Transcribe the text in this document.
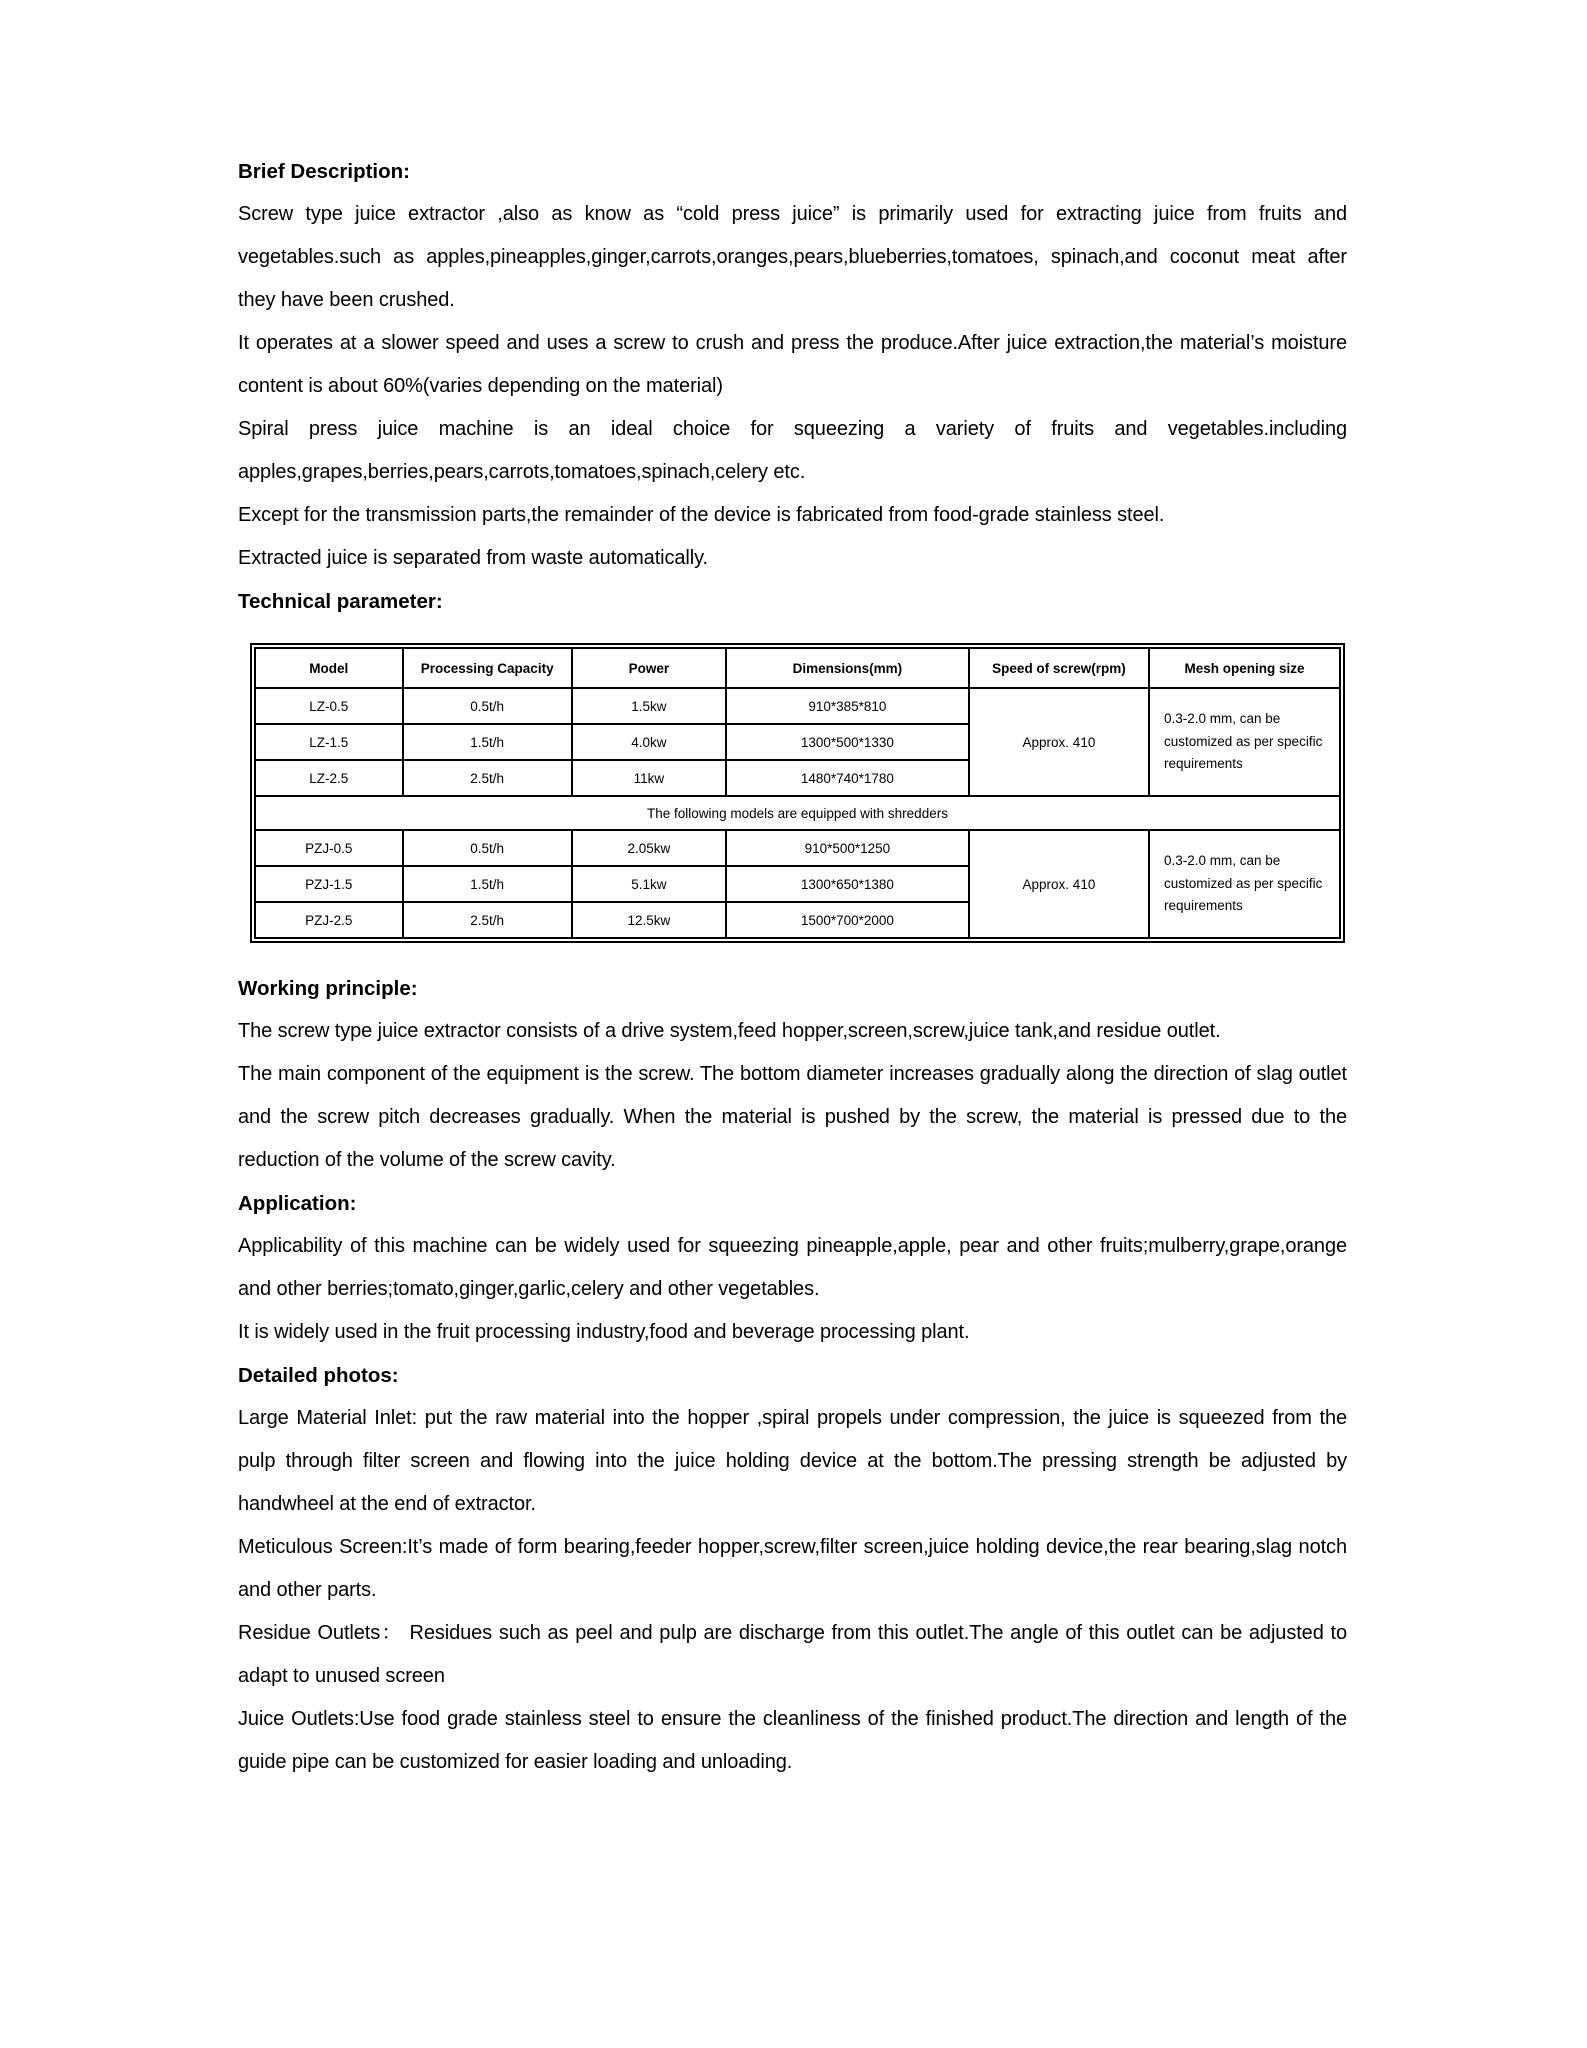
Brief Description:

Screw type juice extractor ,also as know as “cold press juice” is primarily used for extracting juice from fruits and vegetables.such as apples,pineapples,ginger,carrots,oranges,pears,blueberries,tomatoes, spinach,and coconut meat after they have been crushed.

It operates at a slower speed and uses a screw to crush and press the produce.After juice extraction,the material’s moisture content is about 60%(varies depending on the material)

Spiral press juice machine is an ideal choice for squeezing a variety of fruits and vegetables.including apples,grapes,berries,pears,carrots,tomatoes,spinach,celery etc.

Except for the transmission parts,the remainder of the device is fabricated from food-grade stainless steel.

Extracted juice is separated from waste automatically.

Technical parameter:
Model	Processing Capacity	Power	Dimensions(mm)	Speed of screw(rpm)	Mesh opening size
LZ-0.5	0.5t/h	1.5kw	910*385*810	Approx. 410	0.3-2.0 mm, can be customized as per specific requirements
LZ-1.5	1.5t/h	4.0kw	1300*500*1330		
LZ-2.5	2.5t/h	11kw	1480*740*1780		
The following models are equipped with shredders					
PZJ-0.5	0.5t/h	2.05kw	910*500*1250	Approx. 410	0.3-2.0 mm, can be customized as per specific requirements
PZJ-1.5	1.5t/h	5.1kw	1300*650*1380		
PZJ-2.5	2.5t/h	12.5kw	1500*700*2000		
Working principle:

The screw type juice extractor consists of a drive system,feed hopper,screen,screw,juice tank,and residue outlet.

The main component of the equipment is the screw. The bottom diameter increases gradually along the direction of slag outlet and the screw pitch decreases gradually. When the material is pushed by the screw, the material is pressed due to the reduction of the volume of the screw cavity.

Application:

Applicability of this machine can be widely used for squeezing pineapple,apple, pear and other fruits;mulberry,grape,orange and other berries;tomato,ginger,garlic,celery and other vegetables.

It is widely used in the fruit processing industry,food and beverage processing plant.

Detailed photos:

Large Material Inlet: put the raw material into the hopper ,spiral propels under compression, the juice is squeezed from the pulp through filter screen and flowing into the juice holding device at the bottom.The pressing strength be adjusted by handwheel at the end of extractor.

Meticulous Screen:It’s made of form bearing,feeder hopper,screw,filter screen,juice holding device,the rear bearing,slag notch and other parts.

Residue Outlets： Residues such as peel and pulp are discharge from this outlet.The angle of this outlet can be adjusted to adapt to unused screen

Juice Outlets:Use food grade stainless steel to ensure the cleanliness of the finished product.The direction and length of the guide pipe can be customized for easier loading and unloading.
